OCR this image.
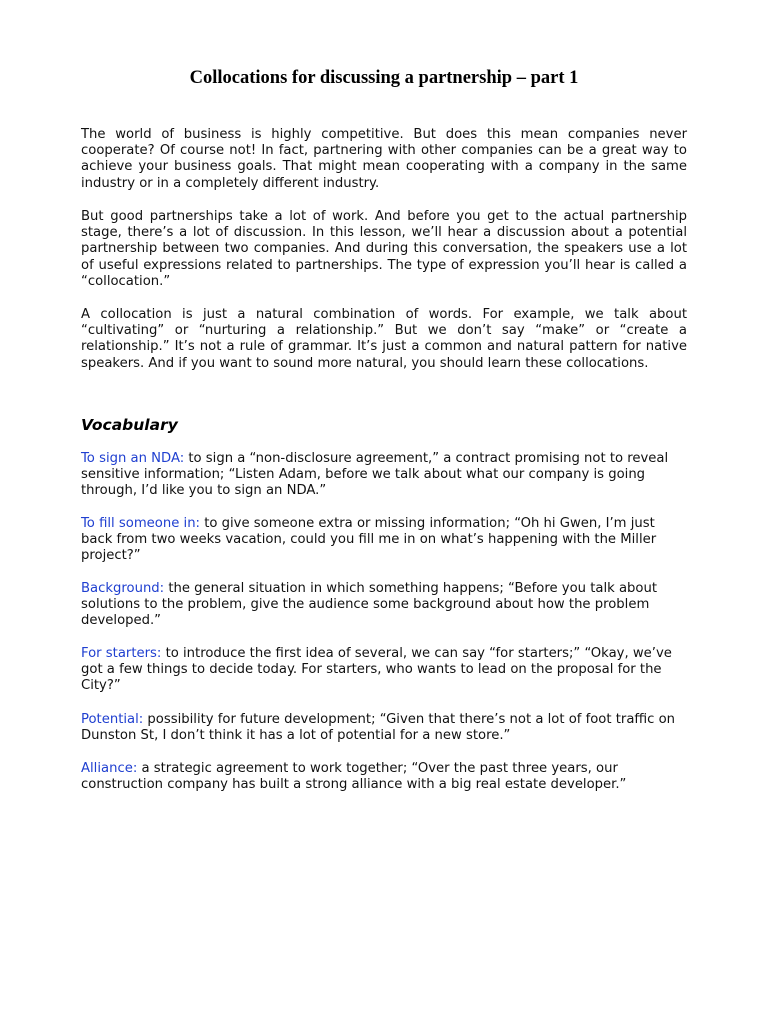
Collocations for discussing a partnership – part 1

The world of business is highly competitive. But does this mean companies never cooperate? Of course not! In fact, partnering with other companies can be a great way to achieve your business goals. That might mean cooperating with a company in the same industry or in a completely different industry.

But good partnerships take a lot of work. And before you get to the actual partnership stage, there’s a lot of discussion. In this lesson, we’ll hear a discussion about a potential partnership between two companies. And during this conversation, the speakers use a lot of useful expressions related to partnerships. The type of expression you’ll hear is called a “collocation.”

A collocation is just a natural combination of words. For example, we talk about “cultivating” or “nurturing a relationship.” But we don’t say “make” or “create a relationship.” It’s not a rule of grammar. It’s just a common and natural pattern for native speakers. And if you want to sound more natural, you should learn these collocations.

Vocabulary

To sign an NDA: to sign a “non-disclosure agreement,” a contract promising not to reveal sensitive information; “Listen Adam, before we talk about what our company is going through, I’d like you to sign an NDA.”

To fill someone in: to give someone extra or missing information; “Oh hi Gwen, I’m just back from two weeks vacation, could you fill me in on what’s happening with the Miller project?”

Background: the general situation in which something happens; “Before you talk about solutions to the problem, give the audience some background about how the problem developed.”

For starters: to introduce the first idea of several, we can say “for starters;” “Okay, we’ve got a few things to decide today. For starters, who wants to lead on the proposal for the City?”

Potential: possibility for future development; “Given that there’s not a lot of foot traffic on Dunston St, I don’t think it has a lot of potential for a new store.”

Alliance: a strategic agreement to work together; “Over the past three years, our construction company has built a strong alliance with a big real estate developer.”
